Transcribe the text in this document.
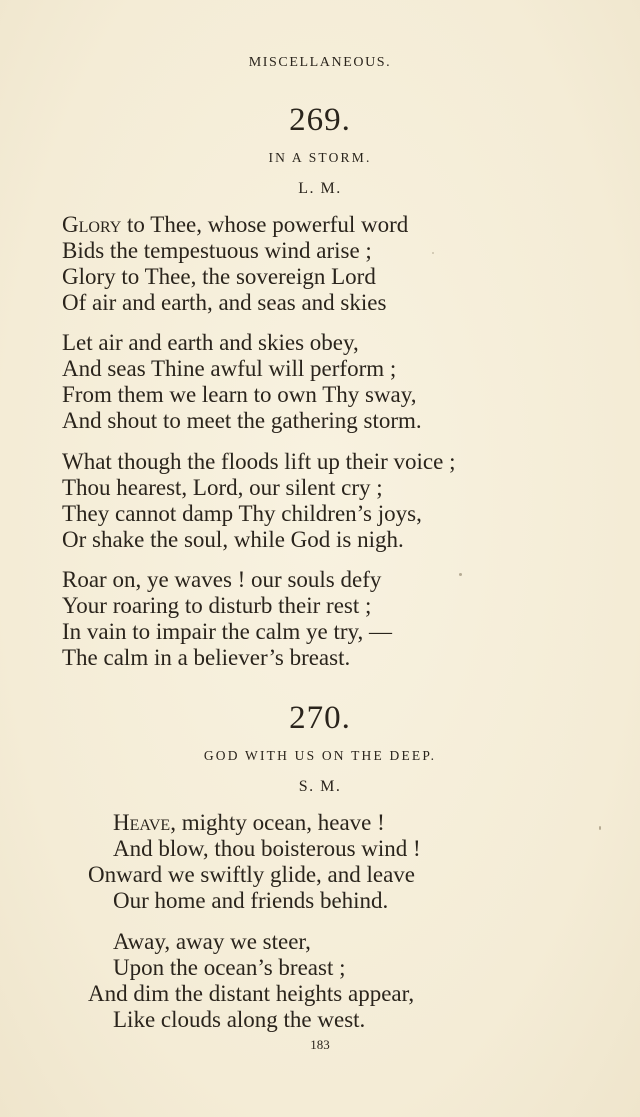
MISCELLANEOUS.
269.
IN A STORM.
L. M.
Glory to Thee, whose powerful word
Bids the tempestuous wind arise ;
Glory to Thee, the sovereign Lord
Of air and earth, and seas and skies
Let air and earth and skies obey,
And seas Thine awful will perform ;
From them we learn to own Thy sway,
And shout to meet the gathering storm.
What though the floods lift up their voice ;
Thou hearest, Lord, our silent cry ;
They cannot damp Thy children’s joys,
Or shake the soul, while God is nigh.
Roar on, ye waves ! our souls defy
Your roaring to disturb their rest ;
In vain to impair the calm ye try, —
The calm in a believer’s breast.
270.
GOD WITH US ON THE DEEP.
S. M.
Heave, mighty ocean, heave !
And blow, thou boisterous wind !
Onward we swiftly glide, and leave
Our home and friends behind.
Away, away we steer,
Upon the ocean’s breast ;
And dim the distant heights appear,
Like clouds along the west.
183
